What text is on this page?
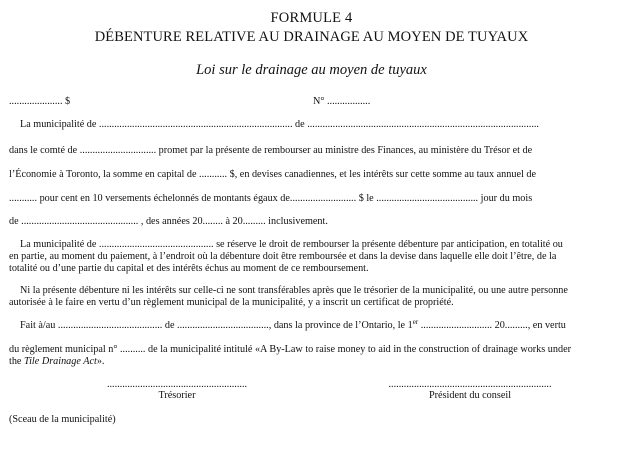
FORMULE 4
DÉBENTURE RELATIVE AU DRAINAGE AU MOYEN DE TUYAUX
Loi sur le drainage au moyen de tuyaux
..................... $	N° .................
La municipalité de ............................................................................ de ...........................................................................................
dans le comté de .............................. promet par la présente de rembourser au ministre des Finances, au ministère du Trésor et de
l’Économie à Toronto, la somme en capital de ........... $, en devises canadiennes, et les intérêts sur cette somme au taux annuel de
........... pour cent en 10 versements échelonnés de montants égaux de.......................... $ le ........................................ jour du mois
de .............................................. , des années 20........ à 20......... inclusivement.
La municipalité de ............................................. se réserve le droit de rembourser la présente débenture par anticipation, en totalité ou
en partie, au moment du paiement, à l’endroit où la débenture doit être remboursée et dans la devise dans laquelle elle doit l’être, de la
totalité ou d’une partie du capital et des intérêts échus au moment de ce remboursement.
Ni la présente débenture ni les intérêts sur celle-ci ne sont transférables après que le trésorier de la municipalité, ou une autre personne
autorisée à le faire en vertu d’un règlement municipal de la municipalité, y a inscrit un certificat de propriété.
Fait à/au ......................................... de ...................................., dans la province de l’Ontario, le 1er ............................ 20........., en vertu
du règlement municipal n° .......... de la municipalité intitulé «A By-Law to raise money to aid in the construction of drainage works under
the Tile Drainage Act».
.......................................................
Trésorier
................................................................
Président du conseil
(Sceau de la municipalité)
